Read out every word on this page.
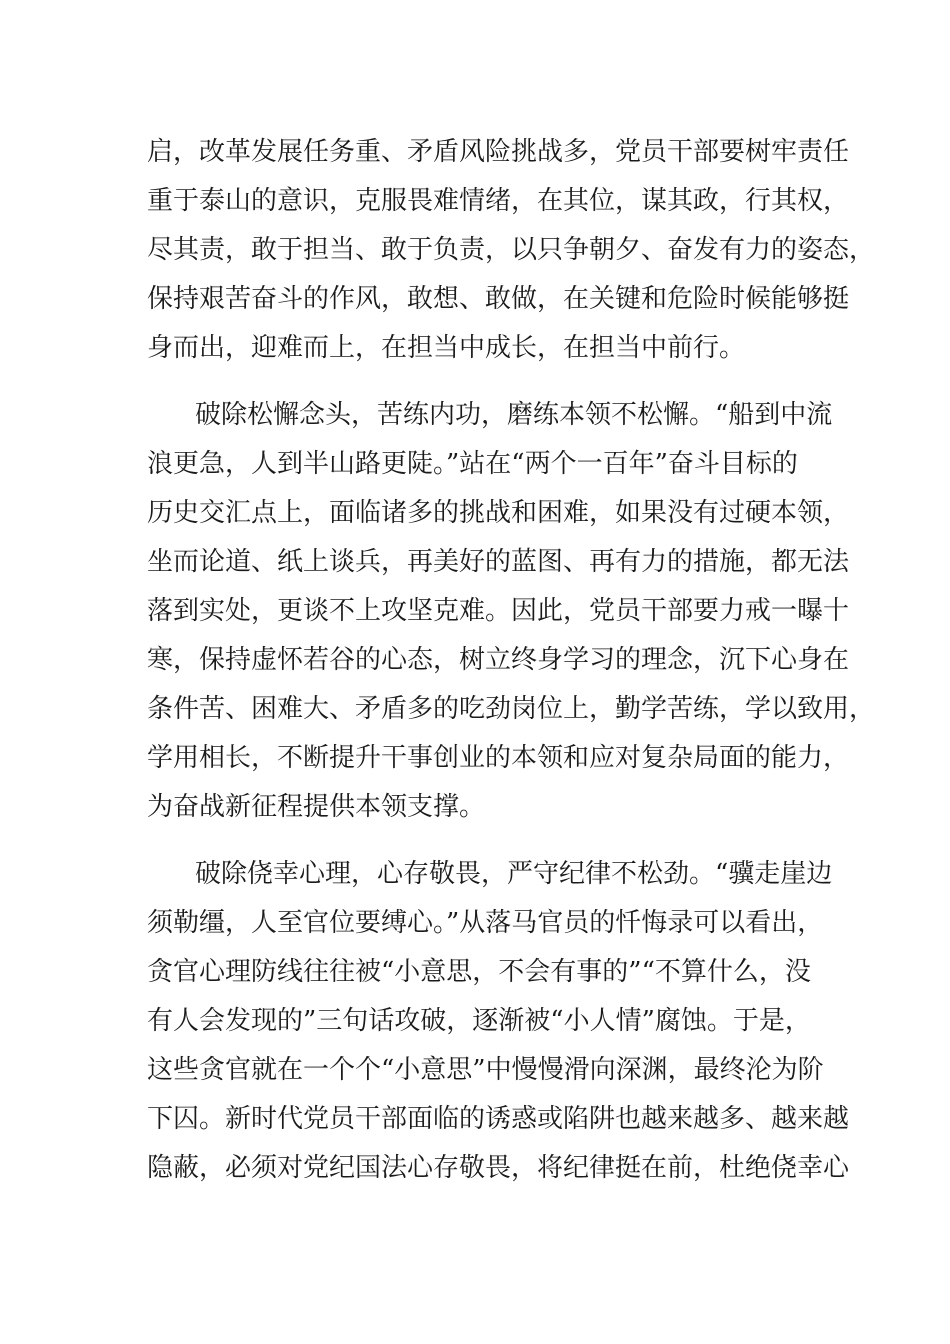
启，改革发展任务重、矛盾风险挑战多，党员干部要树牢责任

重于泰山的意识，克服畏难情绪，在其位，谋其政，行其权，

尽其责，敢于担当、敢于负责，以只争朝夕、奋发有力的姿态，

保持艰苦奋斗的作风，敢想、敢做，在关键和危险时候能够挺

身而出，迎难而上，在担当中成长，在担当中前行。

破除松懈念头，苦练内功，磨练本领不松懈。“船到中流

浪更急，人到半山路更陡。”站在“两个一百年”奋斗目标的

历史交汇点上，面临诸多的挑战和困难，如果没有过硬本领，

坐而论道、纸上谈兵，再美好的蓝图、再有力的措施，都无法

落到实处，更谈不上攻坚克难。因此，党员干部要力戒一曝十

寒，保持虚怀若谷的心态，树立终身学习的理念，沉下心身在

条件苦、困难大、矛盾多的吃劲岗位上，勤学苦练，学以致用，

学用相长，不断提升干事创业的本领和应对复杂局面的能力，

为奋战新征程提供本领支撑。

破除侥幸心理，心存敬畏，严守纪律不松劲。“骥走崖边

须勒缰，人至官位要缚心。”从落马官员的忏悔录可以看出，

贪官心理防线往往被“小意思，不会有事的”“不算什么，没

有人会发现的”三句话攻破，逐渐被“小人情”腐蚀。于是，

这些贪官就在一个个“小意思”中慢慢滑向深渊，最终沦为阶

下囚。新时代党员干部面临的诱惑或陷阱也越来越多、越来越

隐蔽，必须对党纪国法心存敬畏，将纪律挺在前，杜绝侥幸心
